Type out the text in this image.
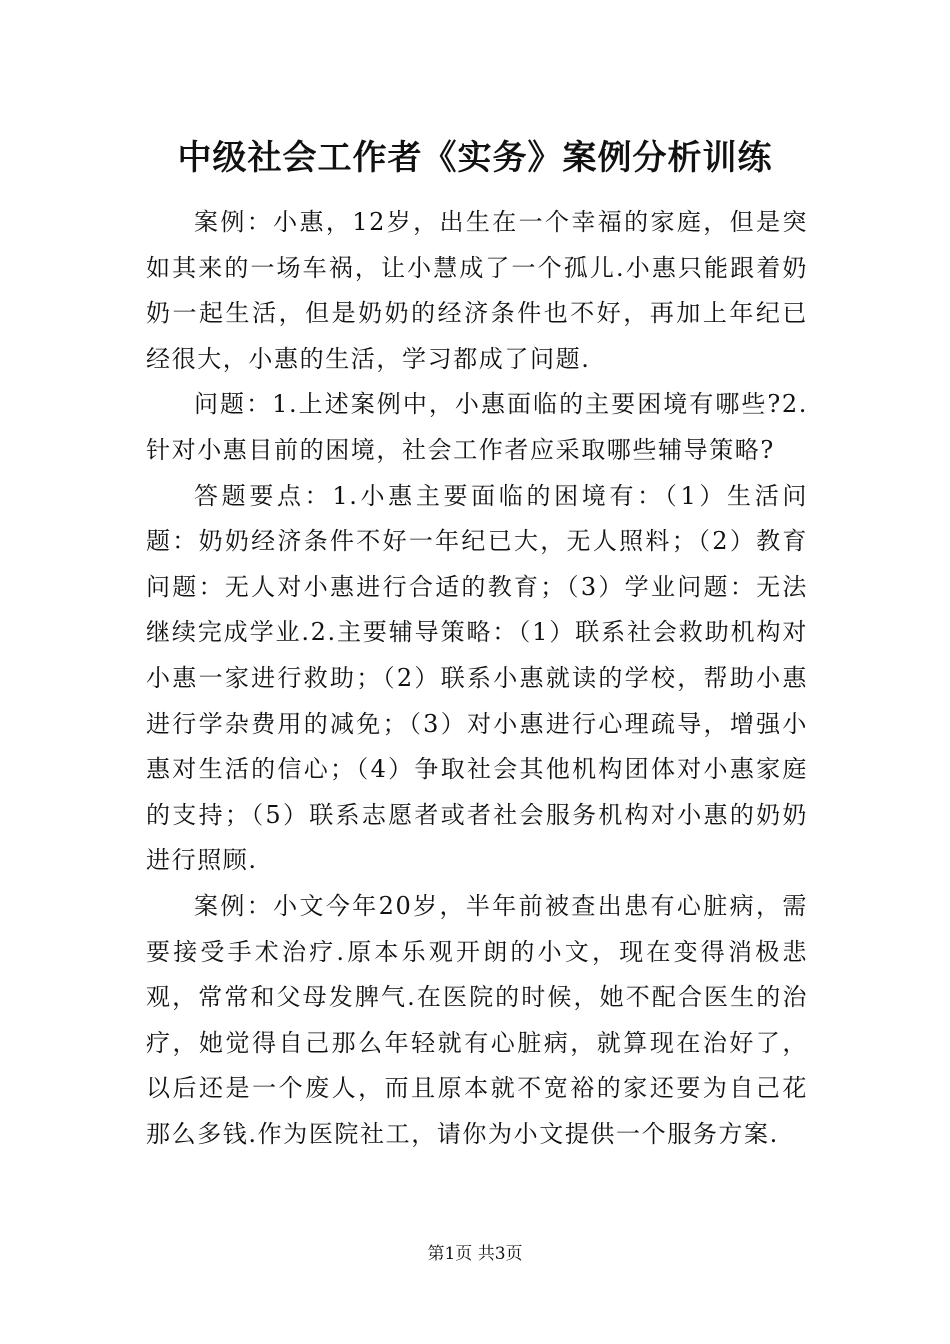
中级社会工作者《实务》案例分析训练

案例：小惠，12岁，出生在一个幸福的家庭，但是突如其来的一场车祸，让小慧成了一个孤儿.小惠只能跟着奶奶一起生活，但是奶奶的经济条件也不好，再加上年纪已经很大，小惠的生活，学习都成了问题.

问题：1.上述案例中，小惠面临的主要困境有哪些?2.针对小惠目前的困境，社会工作者应采取哪些辅导策略?

答题要点：1.小惠主要面临的困境有：（1）生活问题：奶奶经济条件不好一年纪已大，无人照料；（2）教育问题：无人对小惠进行合适的教育；（3）学业问题：无法继续完成学业.2.主要辅导策略：（1）联系社会救助机构对小惠一家进行救助；（2）联系小惠就读的学校，帮助小惠进行学杂费用的减免；（3）对小惠进行心理疏导，增强小惠对生活的信心；（4）争取社会其他机构团体对小惠家庭的支持；（5）联系志愿者或者社会服务机构对小惠的奶奶进行照顾.

案例：小文今年20岁，半年前被查出患有心脏病，需要接受手术治疗.原本乐观开朗的小文，现在变得消极悲观，常常和父母发脾气.在医院的时候，她不配合医生的治疗，她觉得自己那么年轻就有心脏病，就算现在治好了，以后还是一个废人，而且原本就不宽裕的家还要为自己花那么多钱.作为医院社工，请你为小文提供一个服务方案.

第1页 共3页
